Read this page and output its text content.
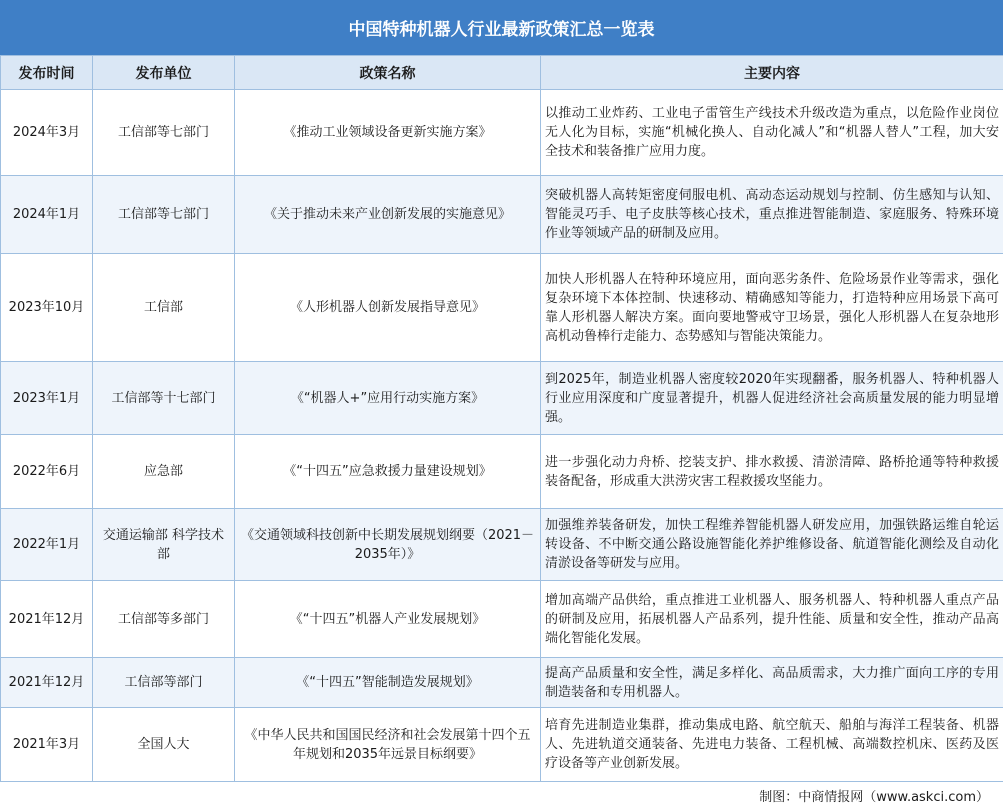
中国特种机器人行业最新政策汇总一览表
发布时间	发布单位	政策名称	主要内容
2024年3月	工信部等七部门	《推动工业领域设备更新实施方案》	以推动工业炸药、工业电子雷管生产线技术升级改造为重点，以危险作业岗位无人化为目标，实施“机械化换人、自动化减人”和“机器人替人”工程，加大安全技术和装备推广应用力度。
2024年1月	工信部等七部门	《关于推动未来产业创新发展的实施意见》	突破机器人高转矩密度伺服电机、高动态运动规划与控制、仿生感知与认知、智能灵巧手、电子皮肤等核心技术，重点推进智能制造、家庭服务、特殊环境作业等领域产品的研制及应用。
2023年10月	工信部	《人形机器人创新发展指导意见》	加快人形机器人在特种环境应用，面向恶劣条件、危险场景作业等需求，强化复杂环境下本体控制、快速移动、精确感知等能力，打造特种应用场景下高可靠人形机器人解决方案。面向要地警戒守卫场景，强化人形机器人在复杂地形高机动鲁棒行走能力、态势感知与智能决策能力。
2023年1月	工信部等十七部门	《“机器人+”应用行动实施方案》	到2025年，制造业机器人密度较2020年实现翻番，服务机器人、特种机器人行业应用深度和广度显著提升，机器人促进经济社会高质量发展的能力明显增强。
2022年6月	应急部	《“十四五”应急救援力量建设规划》	进一步强化动力舟桥、挖装支护、排水救援、清淤清障、路桥抢通等特种救援装备配备，形成重大洪涝灾害工程救援攻坚能力。
2022年1月	交通运输部 科学技术部	《交通领域科技创新中长期发展规划纲要（2021－2035年）》	加强维养装备研发，加快工程维养智能机器人研发应用，加强铁路运维自轮运转设备、不中断交通公路设施智能化养护维修设备、航道智能化测绘及自动化清淤设备等研发与应用。
2021年12月	工信部等多部门	《“十四五”机器人产业发展规划》	增加高端产品供给，重点推进工业机器人、服务机器人、特种机器人重点产品的研制及应用，拓展机器人产品系列，提升性能、质量和安全性，推动产品高端化智能化发展。
2021年12月	工信部等部门	《“十四五”智能制造发展规划》	提高产品质量和安全性，满足多样化、高品质需求，大力推广面向工序的专用制造装备和专用机器人。
2021年3月	全国人大	《中华人民共和国国民经济和社会发展第十四个五年规划和2035年远景目标纲要》	培育先进制造业集群，推动集成电路、航空航天、船舶与海洋工程装备、机器人、先进轨道交通装备、先进电力装备、工程机械、高端数控机床、医药及医疗设备等产业创新发展。
制图：中商情报网（www.askci.com）
